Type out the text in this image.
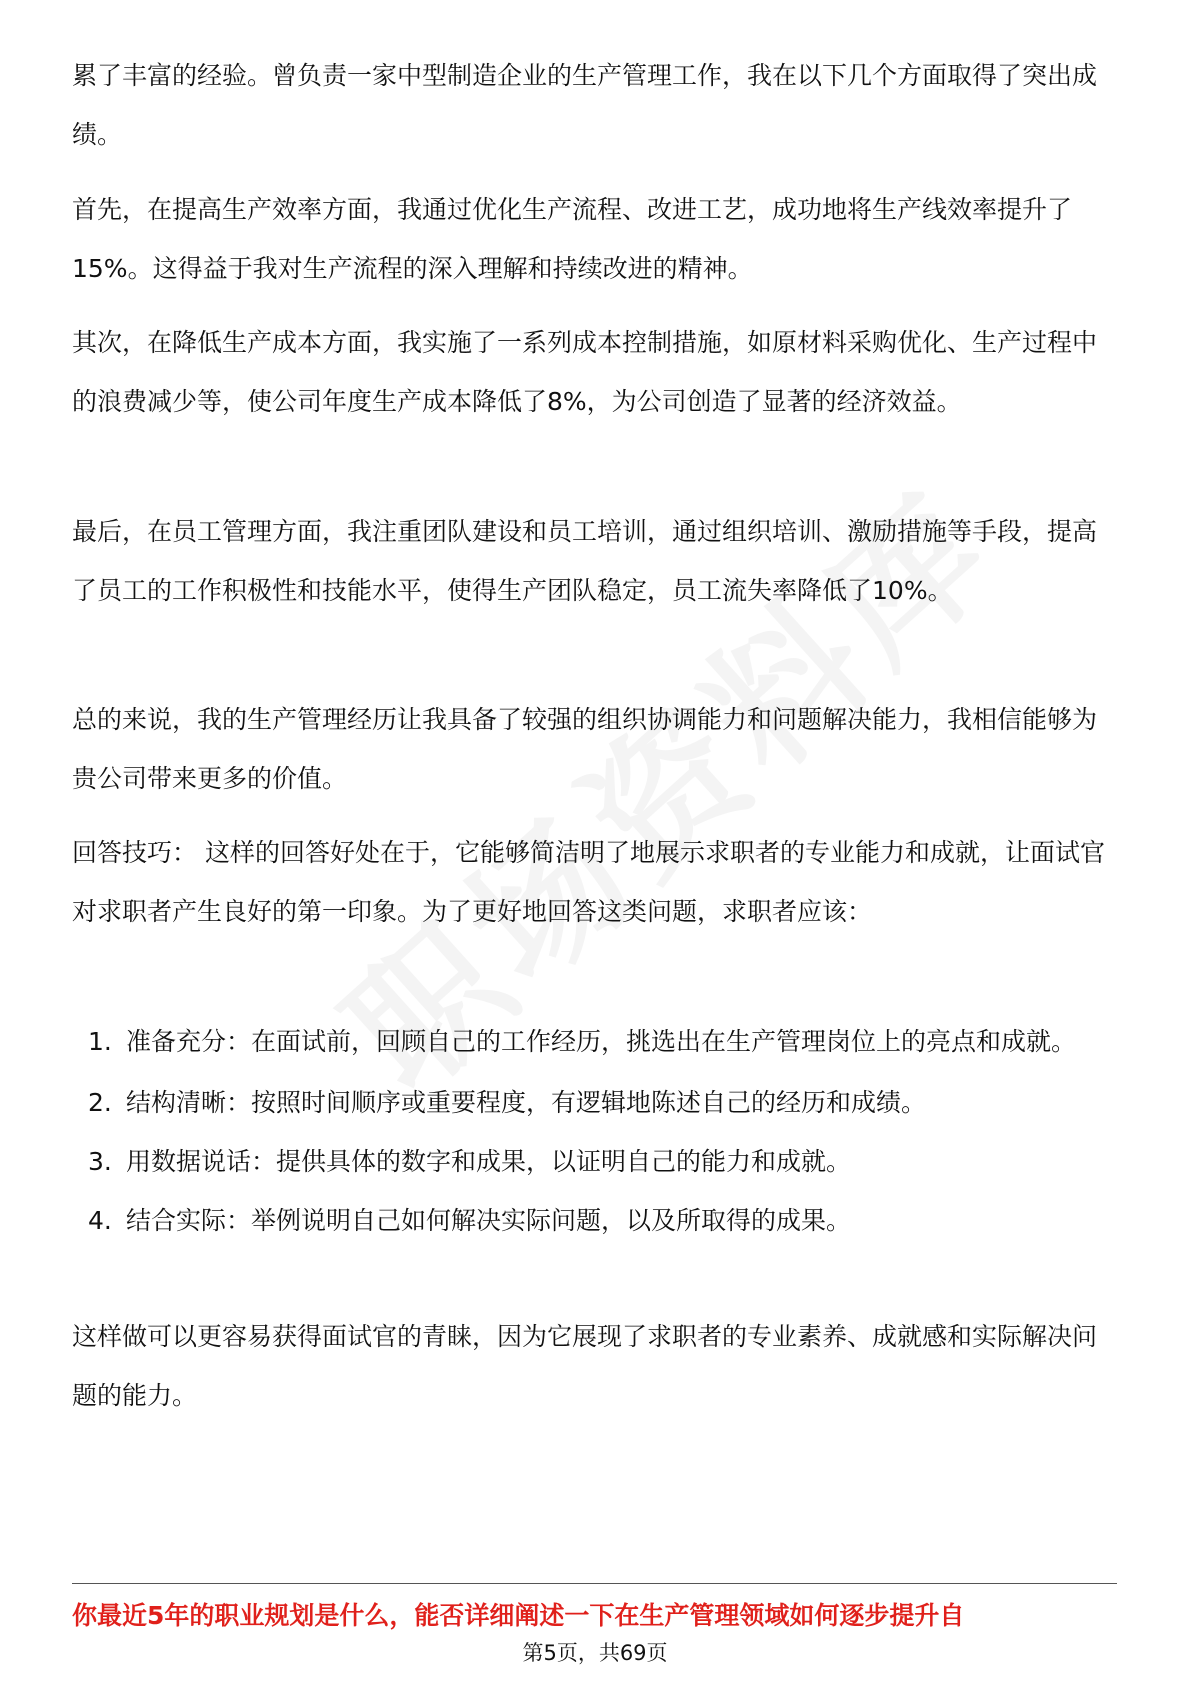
累了丰富的经验。曾负责一家中型制造企业的生产管理工作，我在以下几个方面取得了突出成绩。

首先，在提高生产效率方面，我通过优化生产流程、改进工艺，成功地将生产线效率提升了15%。这得益于我对生产流程的深入理解和持续改进的精神。

其次，在降低生产成本方面，我实施了一系列成本控制措施，如原材料采购优化、生产过程中的浪费减少等，使公司年度生产成本降低了8%，为公司创造了显著的经济效益。

最后，在员工管理方面，我注重团队建设和员工培训，通过组织培训、激励措施等手段，提高了员工的工作积极性和技能水平，使得生产团队稳定，员工流失率降低了10%。

总的来说，我的生产管理经历让我具备了较强的组织协调能力和问题解决能力，我相信能够为贵公司带来更多的价值。

回答技巧： 这样的回答好处在于，它能够简洁明了地展示求职者的专业能力和成就，让面试官对求职者产生良好的第一印象。为了更好地回答这类问题，求职者应该：

1. 准备充分：在面试前，回顾自己的工作经历，挑选出在生产管理岗位上的亮点和成就。
2. 结构清晰：按照时间顺序或重要程度，有逻辑地陈述自己的经历和成绩。
3. 用数据说话：提供具体的数字和成果，以证明自己的能力和成就。
4. 结合实际：举例说明自己如何解决实际问题，以及所取得的成果。

这样做可以更容易获得面试官的青睐，因为它展现了求职者的专业素养、成就感和实际解决问题的能力。

你最近5年的职业规划是什么，能否详细阐述一下在生产管理领域如何逐步提升自
第5页，共69页
